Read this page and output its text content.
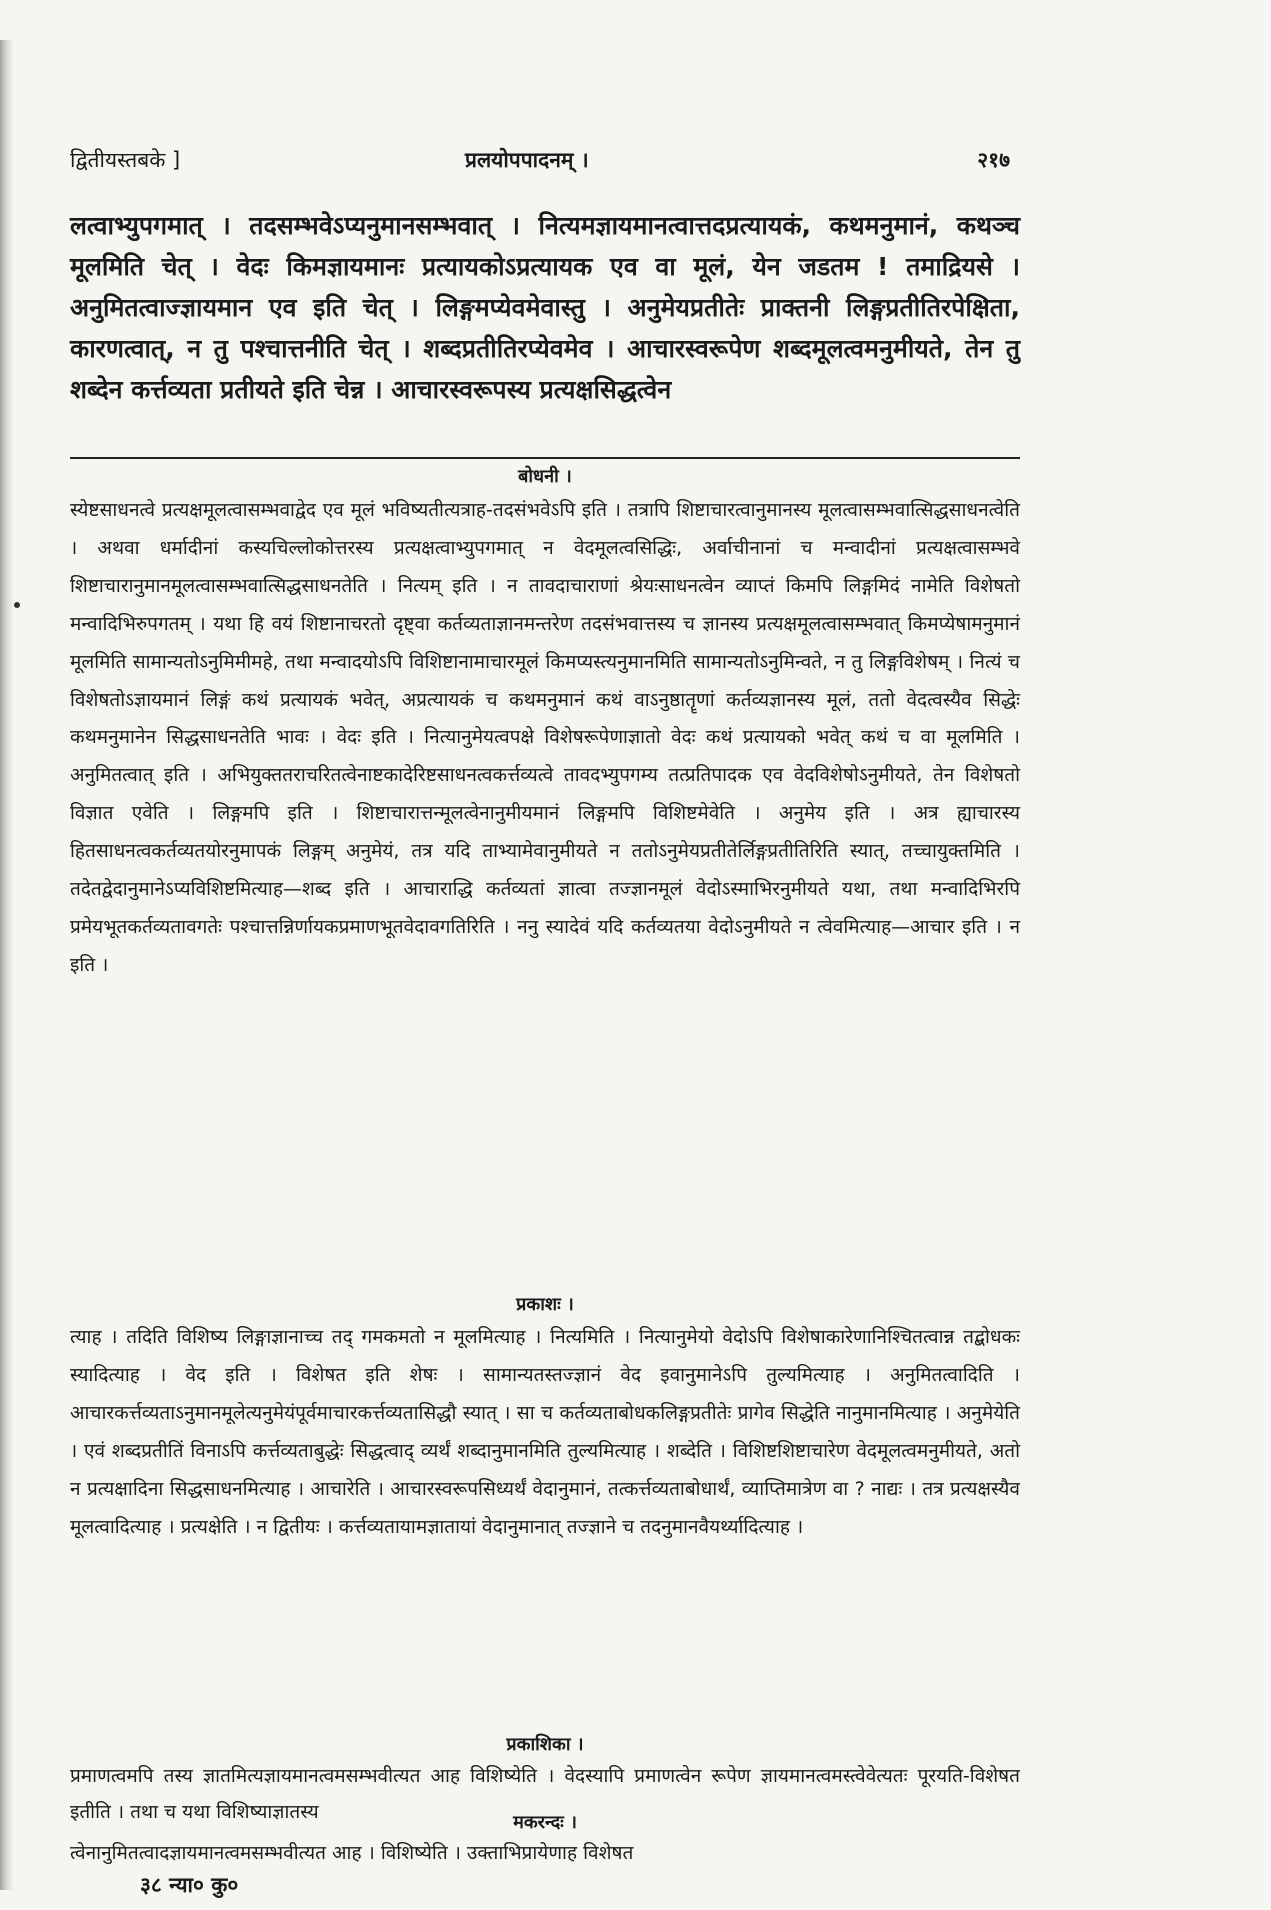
द्वितीयस्तबके ]	प्रलयोपपादनम् ।	२१७
लत्वाभ्युपगमात् । तदसम्भवेऽप्यनुमानसम्भवात् । नित्यमज्ञायमानत्वात्तदप्रत्यायकं, कथमनुमानं, कथञ्च मूलमिति चेत् । वेदः किमज्ञायमानः प्रत्यायकोऽप्रत्यायक एव वा मूलं, येन जडतम ! तमाद्रियसे । अनुमितत्वाज्ज्ञायमान एव इति चेत् । लिङ्गमप्येवमेवास्तु । अनुमेयप्रतीतेः प्राक्तनी लिङ्गप्रतीतिरपेक्षिता, कारणत्वात्, न तु पश्चात्तनीति चेत् । शब्दप्रतीतिरप्येवमेव । आचारस्वरूपेण शब्दमूलत्वमनुमीयते, तेन तु शब्देन कर्त्तव्यता प्रतीयते इति चेन्न । आचारस्वरूपस्य प्रत्यक्षसिद्धत्वेन
बोधनी ।
स्येष्टसाधनत्वे प्रत्यक्षमूलत्वासम्भवाद्वेद एव मूलं भविष्यतीत्यत्राह-तदसंभवेऽपि इति । तत्रापि शिष्टाचारत्वानुमानस्य मूलत्वासम्भवात्सिद्धसाधनत्वेति । अथवा धर्मादीनां कस्यचिल्लोकोत्तरस्य प्रत्यक्षत्वाभ्युपगमात् न वेदमूलत्वसिद्धिः, अर्वाचीनानां च मन्वादीनां प्रत्यक्षत्वासम्भवे शिष्टाचारानुमानमूलत्वासम्भवात्सिद्धसाधनतेति । नित्यम् इति । न तावदाचाराणां श्रेयःसाधनत्वेन व्याप्तं किमपि लिङ्गमिदं नामेति विशेषतो मन्वादिभिरुपगतम् । यथा हि वयं शिष्टानाचरतो दृष्ट्वा कर्तव्यताज्ञानमन्तरेण तदसंभवात्तस्य च ज्ञानस्य प्रत्यक्षमूलत्वासम्भवात् किमप्येषामनुमानं मूलमिति सामान्यतोऽनुमिमीमहे, तथा मन्वादयोऽपि विशिष्टानामाचारमूलं किमप्यस्त्यनुमानमिति सामान्यतोऽनुमिन्वते, न तु लिङ्गविशेषम् । नित्यं च विशेषतोऽज्ञायमानं लिङ्गं कथं प्रत्यायकं भवेत्, अप्रत्यायकं च कथमनुमानं कथं वाऽनुष्ठातॄणां कर्तव्यज्ञानस्य मूलं, ततो वेदत्वस्यैव सिद्धेः कथमनुमानेन सिद्धसाधनतेति भावः । वेदः इति । नित्यानुमेयत्वपक्षे विशेषरूपेणाज्ञातो वेदः कथं प्रत्यायको भवेत् कथं च वा मूलमिति । अनुमितत्वात् इति । अभियुक्ततराचरितत्वेनाष्टकादेरिष्टसाधनत्वकर्त्तव्यत्वे तावदभ्युपगम्य तत्प्रतिपादक एव वेदविशेषोऽनुमीयते, तेन विशेषतो विज्ञात एवेति । लिङ्गमपि इति । शिष्टाचारात्तन्मूलत्वेनानुमीयमानं लिङ्गमपि विशिष्टमेवेति । अनुमेय इति । अत्र ह्याचारस्य हितसाधनत्वकर्तव्यतयोरनुमापकं लिङ्गम् अनुमेयं, तत्र यदि ताभ्यामेवानुमीयते न ततोऽनुमेयप्रतीतेर्लिङ्गप्रतीतिरिति स्यात्, तच्चायुक्तमिति । तदेतद्वेदानुमानेऽप्यविशिष्टमित्याह—शब्द इति । आचाराद्धि कर्तव्यतां ज्ञात्वा तज्ज्ञानमूलं वेदोऽस्माभिरनुमीयते यथा, तथा मन्वादिभिरपि प्रमेयभूतकर्तव्यतावगतेः पश्चात्तन्निर्णायकप्रमाणभूतवेदावगतिरिति । ननु स्यादेवं यदि कर्तव्यतया वेदोऽनुमीयते न त्वेवमित्याह—आचार इति । न इति ।
प्रकाशः ।
त्याह । तदिति विशिष्य लिङ्गाज्ञानाच्च तद् गमकमतो न मूलमित्याह । नित्यमिति । नित्यानुमेयो वेदोऽपि विशेषाकारेणानिश्चितत्वान्न तद्बोधकः स्यादित्याह । वेद इति । विशेषत इति शेषः । सामान्यतस्तज्ज्ञानं वेद इवानुमानेऽपि तुल्यमित्याह । अनुमितत्वादिति । आचारकर्त्तव्यताऽनुमानमूलेत्यनुमेयंपूर्वमाचारकर्त्तव्यतासिद्धौ स्यात् । सा च कर्तव्यताबोधकलिङ्गप्रतीतेः प्रागेव सिद्धेति नानुमानमित्याह । अनुमेयेति । एवं शब्दप्रतीतिं विनाऽपि कर्त्तव्यताबुद्धेः सिद्धत्वाद् व्यर्थं शब्दानुमानमिति तुल्यमित्याह । शब्देति । विशिष्टशिष्टाचारेण वेदमूलत्वमनुमीयते, अतो न प्रत्यक्षादिना सिद्धसाधनमित्याह । आचारेति । आचारस्वरूपसिध्यर्थं वेदानुमानं, तत्कर्त्तव्यताबोधार्थं, व्याप्तिमात्रेण वा ? नाद्यः । तत्र प्रत्यक्षस्यैव मूलत्वादित्याह । प्रत्यक्षेति । न द्वितीयः । कर्त्तव्यतायामज्ञातायां वेदानुमानात् तज्ज्ञाने च तदनुमानवैयर्थ्यादित्याह ।
प्रकाशिका ।
प्रमाणत्वमपि तस्य ज्ञातमित्यज्ञायमानत्वमसम्भवीत्यत आह विशिष्येति । वेदस्यापि प्रमाणत्वेन रूपेण ज्ञायमानत्वमस्त्वेवेत्यतः पूरयति-विशेषत इतीति । तथा च यथा विशिष्याज्ञातस्य	मकरन्दः ।
त्वेनानुमितत्वादज्ञायमानत्वमसम्भवीत्यत आह । विशिष्येति । उक्ताभिप्रायेणाह विशेषत
३८ न्या० कु०
